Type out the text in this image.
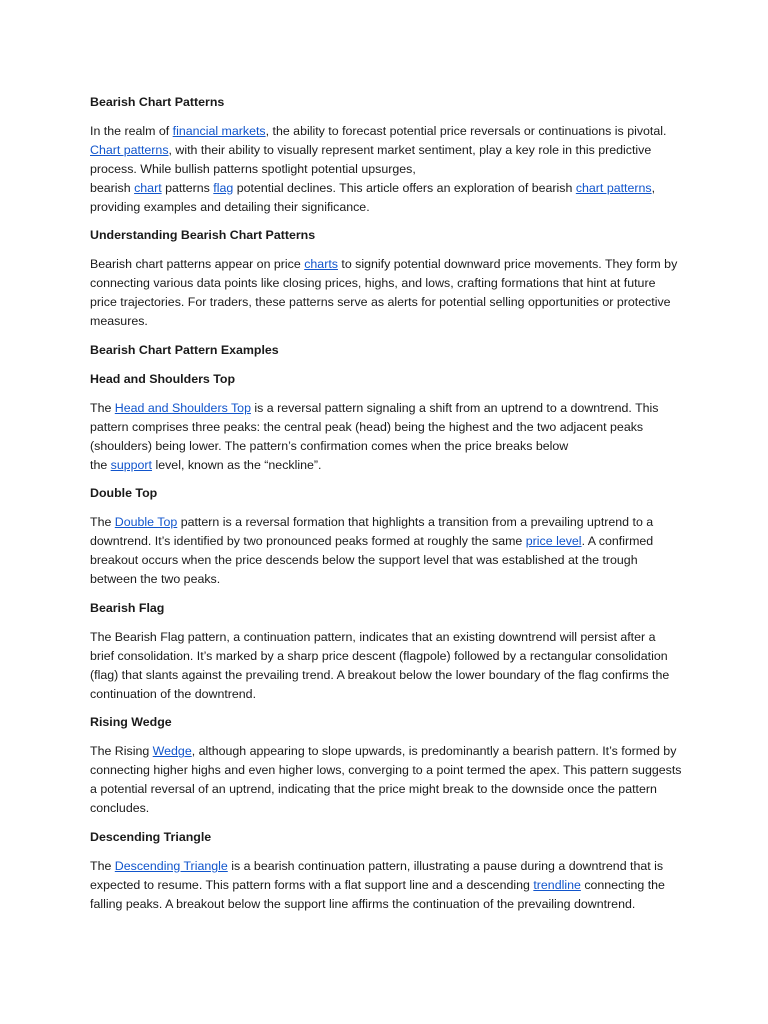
Bearish Chart Patterns

In the realm of financial markets, the ability to forecast potential price reversals or continuations is pivotal. Chart patterns, with their ability to visually represent market sentiment, play a key role in this predictive process. While bullish patterns spotlight potential upsurges,
bearish chart patterns flag potential declines. This article offers an exploration of bearish chart patterns, providing examples and detailing their significance.

Understanding Bearish Chart Patterns

Bearish chart patterns appear on price charts to signify potential downward price movements. They form by connecting various data points like closing prices, highs, and lows, crafting formations that hint at future price trajectories. For traders, these patterns serve as alerts for potential selling opportunities or protective measures.

Bearish Chart Pattern Examples
Head and Shoulders Top

The Head and Shoulders Top is a reversal pattern signaling a shift from an uptrend to a downtrend. This pattern comprises three peaks: the central peak (head) being the highest and the two adjacent peaks (shoulders) being lower. The pattern’s confirmation comes when the price breaks below
the support level, known as the “neckline”.

Double Top

The Double Top pattern is a reversal formation that highlights a transition from a prevailing uptrend to a downtrend. It’s identified by two pronounced peaks formed at roughly the same price level. A confirmed breakout occurs when the price descends below the support level that was established at the trough between the two peaks.

Bearish Flag

The Bearish Flag pattern, a continuation pattern, indicates that an existing downtrend will persist after a brief consolidation. It’s marked by a sharp price descent (flagpole) followed by a rectangular consolidation (flag) that slants against the prevailing trend. A breakout below the lower boundary of the flag confirms the continuation of the downtrend.

Rising Wedge

The Rising Wedge, although appearing to slope upwards, is predominantly a bearish pattern. It’s formed by connecting higher highs and even higher lows, converging to a point termed the apex. This pattern suggests a potential reversal of an uptrend, indicating that the price might break to the downside once the pattern concludes.

Descending Triangle

The Descending Triangle is a bearish continuation pattern, illustrating a pause during a downtrend that is expected to resume. This pattern forms with a flat support line and a descending trendline connecting the falling peaks. A breakout below the support line affirms the continuation of the prevailing downtrend.
